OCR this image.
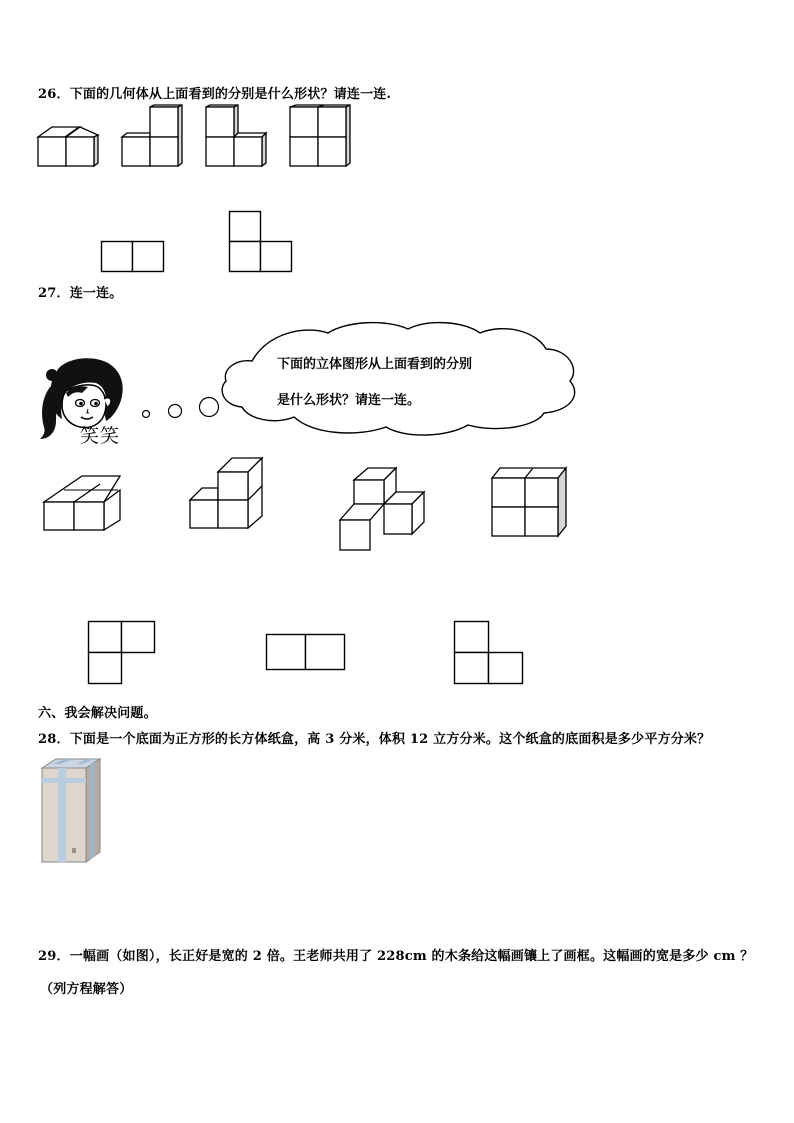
26．下面的几何体从上面看到的分别是什么形状？请连一连.
27．连一连。
笑笑
下面的立体图形从上面看到的分别
是什么形状？请连一连。
六、我会解决问题。
28．下面是一个底面为正方形的长方体纸盒，高 3 分米，体积 12 立方分米。这个纸盒的底面积是多少平方分米？
29．一幅画（如图），长正好是宽的 2 倍。王老师共用了 228cm 的木条给这幅画镶上了画框。这幅画的宽是多少 cm ？
（列方程解答）
